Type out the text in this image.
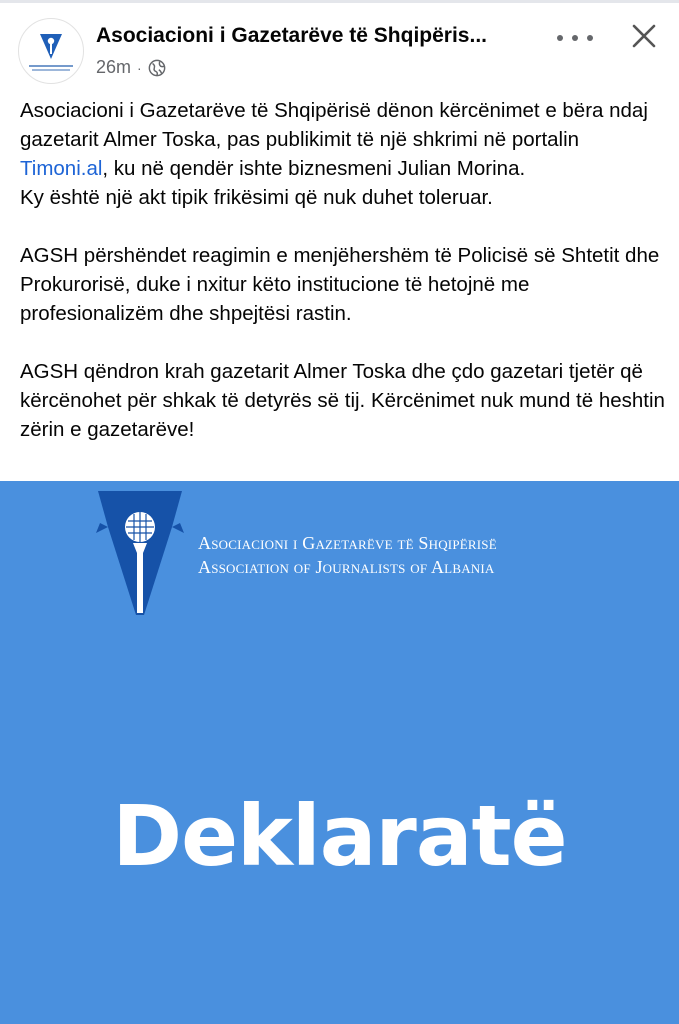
Asociacioni i Gazetarëve të Shqipëris...
26m ·

Asociacioni i Gazetarëve të Shqipërisë dënon kërcënimet e bëra ndaj gazetarit Almer Toska, pas publikimit të një shkrimi në portalin Timoni.al, ku në qendër ishte biznesmeni Julian Morina.
Ky është një akt tipik frikësimi që nuk duhet toleruar.

AGSH përshëndet reagimin e menjëhershëm të Policisë së Shtetit dhe Prokurorisë, duke i nxitur këto institucione të hetojnë me profesionalizëm dhe shpejtësi rastin.

AGSH qëndron krah gazetarit Almer Toska dhe çdo gazetari tjetër që kërcënohet për shkak të detyrës së tij. Kërcënimet nuk mund të heshtin zërin e gazetarëve!

Asociacioni i Gazetarëve të Shqipërisë
Association of Journalists of Albania
Deklaratë
